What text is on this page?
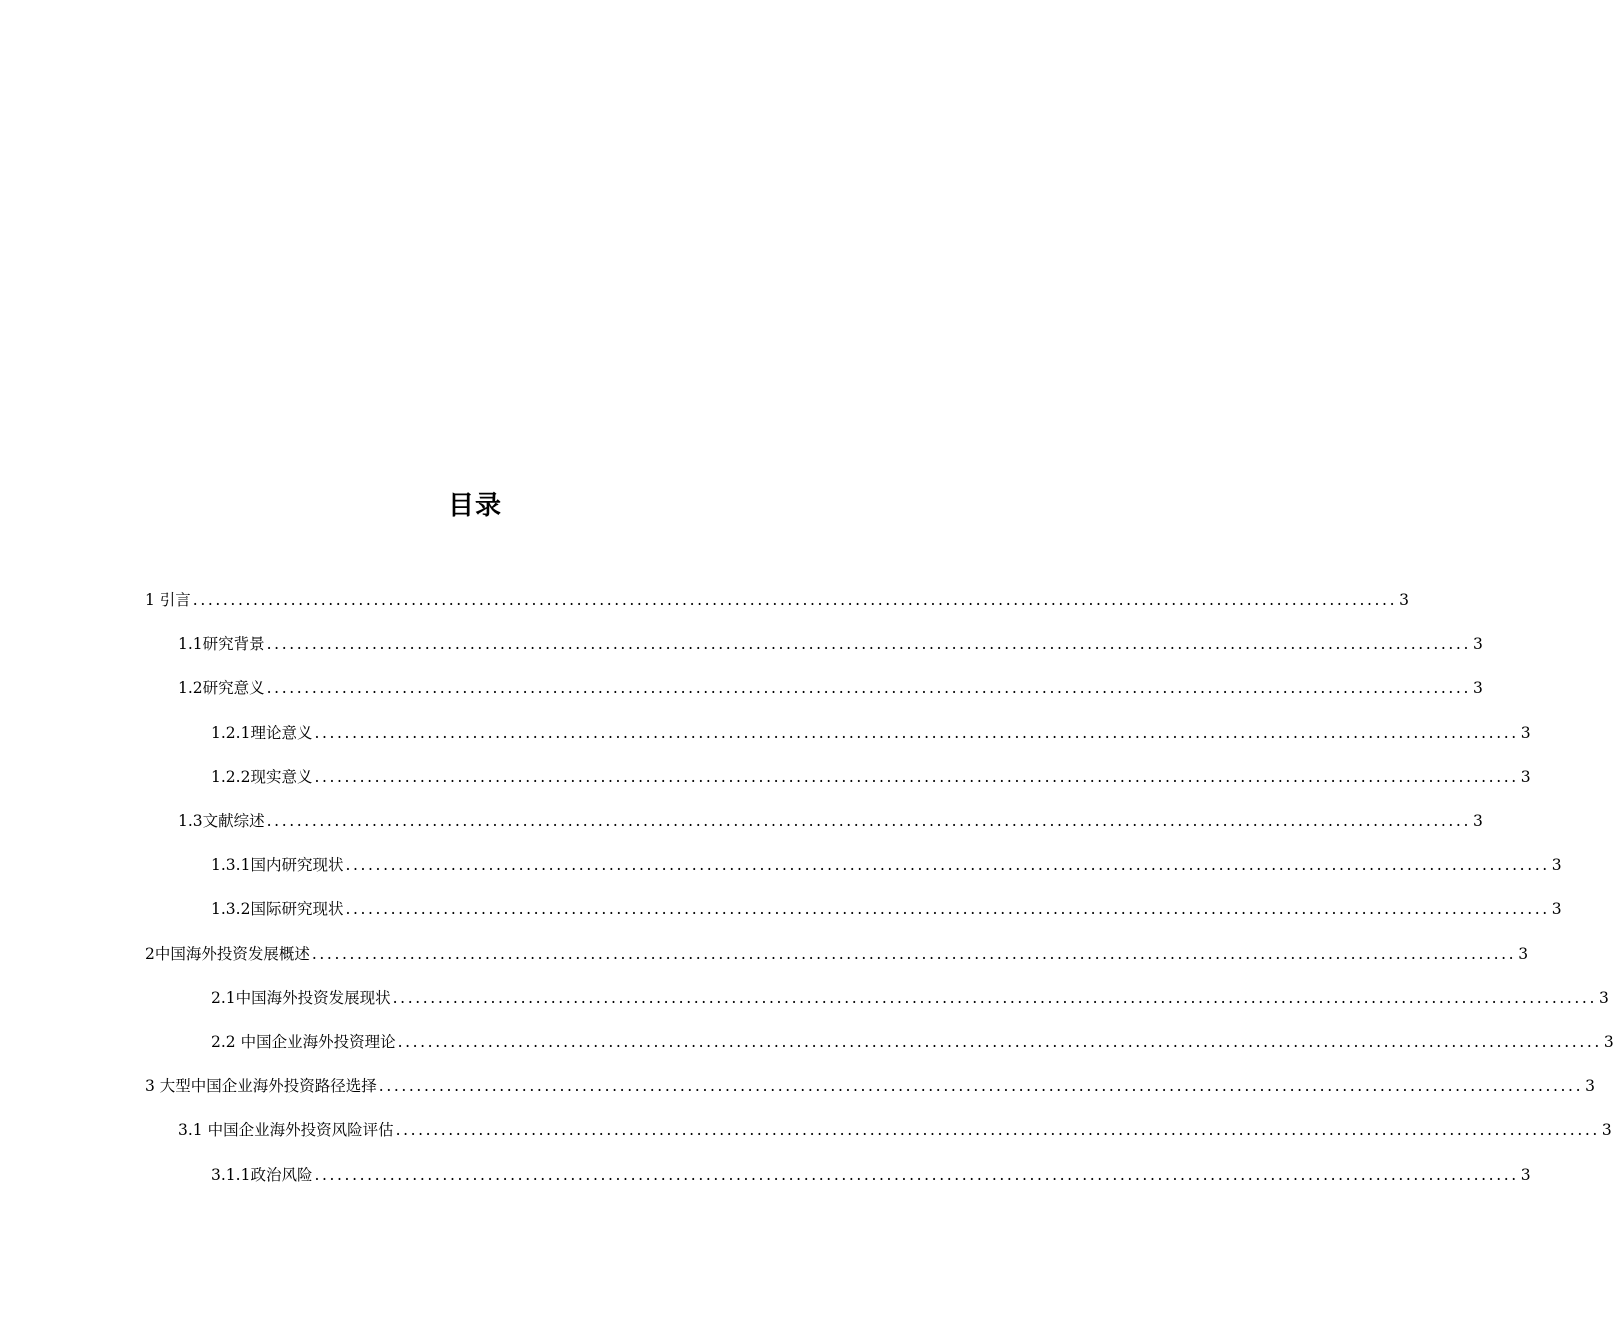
目录
1 引言 ................................................................................................................................................................ 3
1.1研究背景 ................................................................................................................................................................ 3
1.2研究意义 ................................................................................................................................................................ 3
1.2.1理论意义 ................................................................................................................................................................ 3
1.2.2现实意义 ................................................................................................................................................................ 3
1.3文献综述 ................................................................................................................................................................ 3
1.3.1国内研究现状 ................................................................................................................................................................ 3
1.3.2国际研究现状 ................................................................................................................................................................ 3
2中国海外投资发展概述 ................................................................................................................................................................ 3
2.1中国海外投资发展现状 ................................................................................................................................................................ 3
2.2 中国企业海外投资理论 ................................................................................................................................................................ 3
3 大型中国企业海外投资路径选择 ................................................................................................................................................................ 3
3.1 中国企业海外投资风险评估 ................................................................................................................................................................ 3
3.1.1政治风险 ................................................................................................................................................................ 3
